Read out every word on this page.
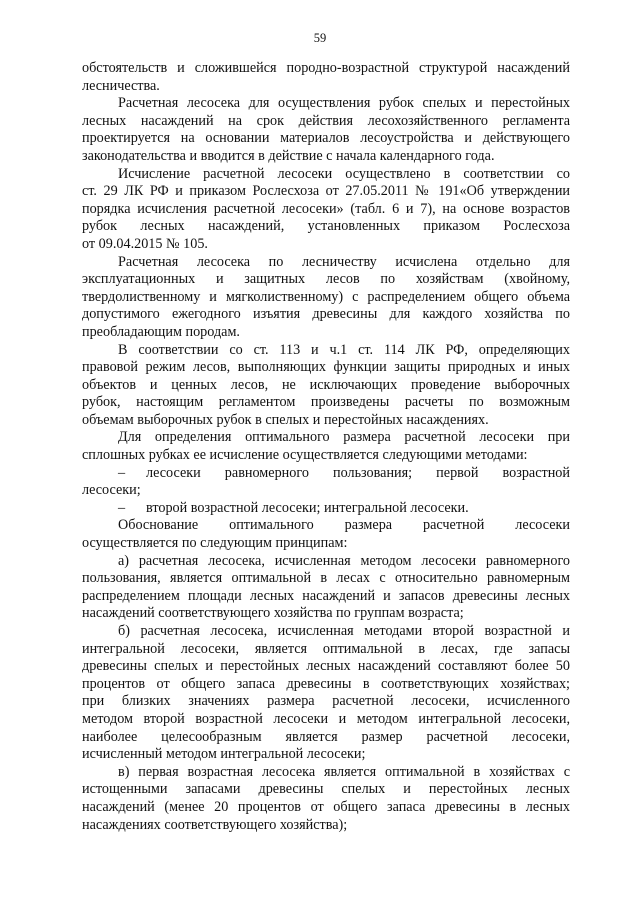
59
обстоятельств и сложившейся породно-возрастной структурой насаждений
лесничества.
Расчетная лесосека для осуществления рубок спелых и перестойных
лесных насаждений на срок действия лесохозяйственного регламента
проектируется на основании материалов лесоустройства и действующего
законодательства и вводится в действие с начала календарного года.
Исчисление расчетной лесосеки осуществлено в соответствии со
ст. 29 ЛК РФ и приказом Рослесхоза от 27.05.2011 № 191«Об утверждении
порядка исчисления расчетной лесосеки» (табл. 6 и 7), на основе возрастов
рубок лесных насаждений, установленных приказом Рослесхоза
от 09.04.2015 № 105.
Расчетная лесосека по лесничеству исчислена отдельно для
эксплуатационных и защитных лесов по хозяйствам (хвойному,
твердолиственному и мягколиственному) с распределением общего объема
допустимого ежегодного изъятия древесины для каждого хозяйства по
преобладающим породам.
В соответствии со ст. 113 и ч.1 ст. 114 ЛК РФ, определяющих
правовой режим лесов, выполняющих функции защиты природных и иных
объектов и ценных лесов, не исключающих проведение выборочных
рубок, настоящим регламентом произведены расчеты по возможным
объемам выборочных рубок в спелых и перестойных насаждениях.
Для определения оптимального размера расчетной лесосеки при
сплошных рубках ее исчисление осуществляется следующими методами:
– лесосеки равномерного пользования; первой возрастной
лесосеки;
– второй возрастной лесосеки; интегральной лесосеки.
Обоснование оптимального размера расчетной лесосеки
осуществляется по следующим принципам:
а) расчетная лесосека, исчисленная методом лесосеки равномерного
пользования, является оптимальной в лесах с относительно равномерным
распределением площади лесных насаждений и запасов древесины лесных
насаждений соответствующего хозяйства по группам возраста;
б) расчетная лесосека, исчисленная методами второй возрастной и
интегральной лесосеки, является оптимальной в лесах, где запасы
древесины спелых и перестойных лесных насаждений составляют более 50
процентов от общего запаса древесины в соответствующих хозяйствах;
при близких значениях размера расчетной лесосеки, исчисленного
методом второй возрастной лесосеки и методом интегральной лесосеки,
наиболее целесообразным является размер расчетной лесосеки,
исчисленный методом интегральной лесосеки;
в) первая возрастная лесосека является оптимальной в хозяйствах с
истощенными запасами древесины спелых и перестойных лесных
насаждений (менее 20 процентов от общего запаса древесины в лесных
насаждениях соответствующего хозяйства);
